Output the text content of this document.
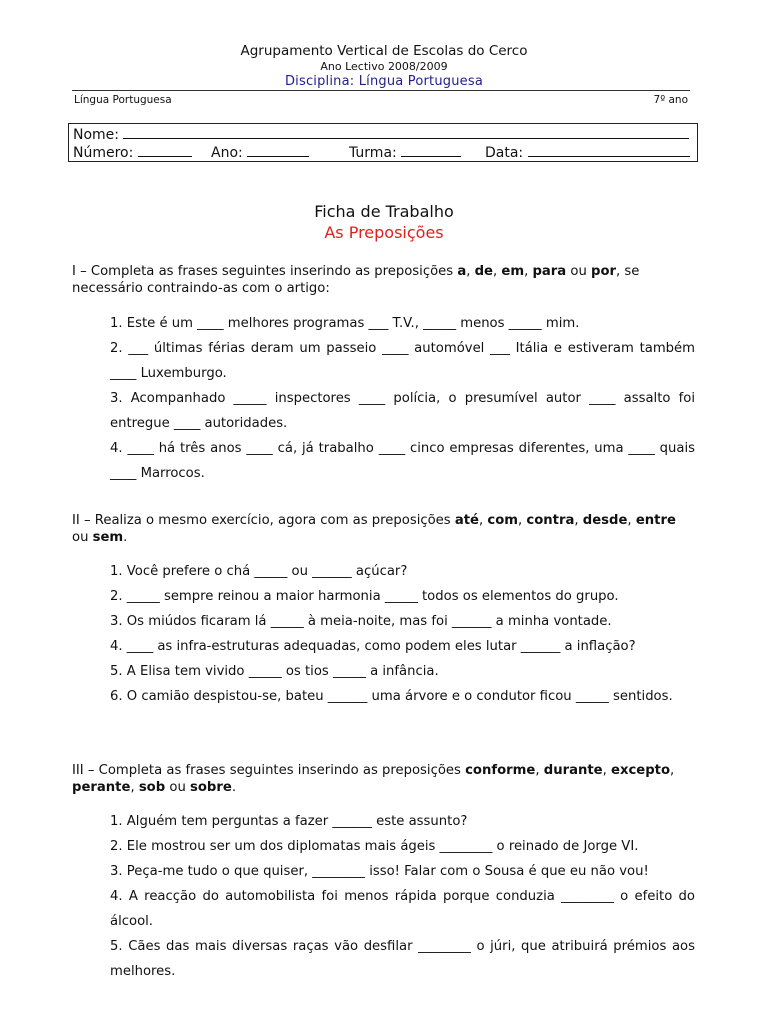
Agrupamento Vertical de Escolas do Cerco
Ano Lectivo 2008/2009
Disciplina: Língua Portuguesa
Língua Portuguesa	7º ano
Nome:
Número:	Ano:	Turma:	Data:
Ficha de Trabalho
As Preposições
I – Completa as frases seguintes inserindo as preposições a, de, em, para ou por, se necessário contraindo-as com o artigo:
1. Este é um ____ melhores programas ___ T.V., _____ menos _____ mim.
2. ___ últimas férias deram um passeio ____ automóvel ___ Itália e estiveram também ____ Luxemburgo.
3. Acompanhado _____ inspectores ____ polícia, o presumível autor ____ assalto foi entregue ____ autoridades.
4. ____ há três anos ____ cá, já trabalho ____ cinco empresas diferentes, uma ____ quais ____ Marrocos.
II – Realiza o mesmo exercício, agora com as preposições até, com, contra, desde, entre ou sem.
1. Você prefere o chá _____ ou ______ açúcar?
2. _____ sempre reinou a maior harmonia _____ todos os elementos do grupo.
3. Os miúdos ficaram lá _____ à meia-noite, mas foi ______ a minha vontade.
4. ____ as infra-estruturas adequadas, como podem eles lutar ______ a inflação?
5. A Elisa tem vivido _____ os tios _____ a infância.
6. O camião despistou-se, bateu ______ uma árvore e o condutor ficou _____ sentidos.
III – Completa as frases seguintes inserindo as preposições conforme, durante, excepto, perante, sob ou sobre.
1. Alguém tem perguntas a fazer ______ este assunto?
2. Ele mostrou ser um dos diplomatas mais ágeis ________ o reinado de Jorge VI.
3. Peça-me tudo o que quiser, ________ isso! Falar com o Sousa é que eu não vou!
4. A reacção do automobilista foi menos rápida porque conduzia ________ o efeito do álcool.
5. Cães das mais diversas raças vão desfilar ________ o júri, que atribuirá prémios aos melhores.
